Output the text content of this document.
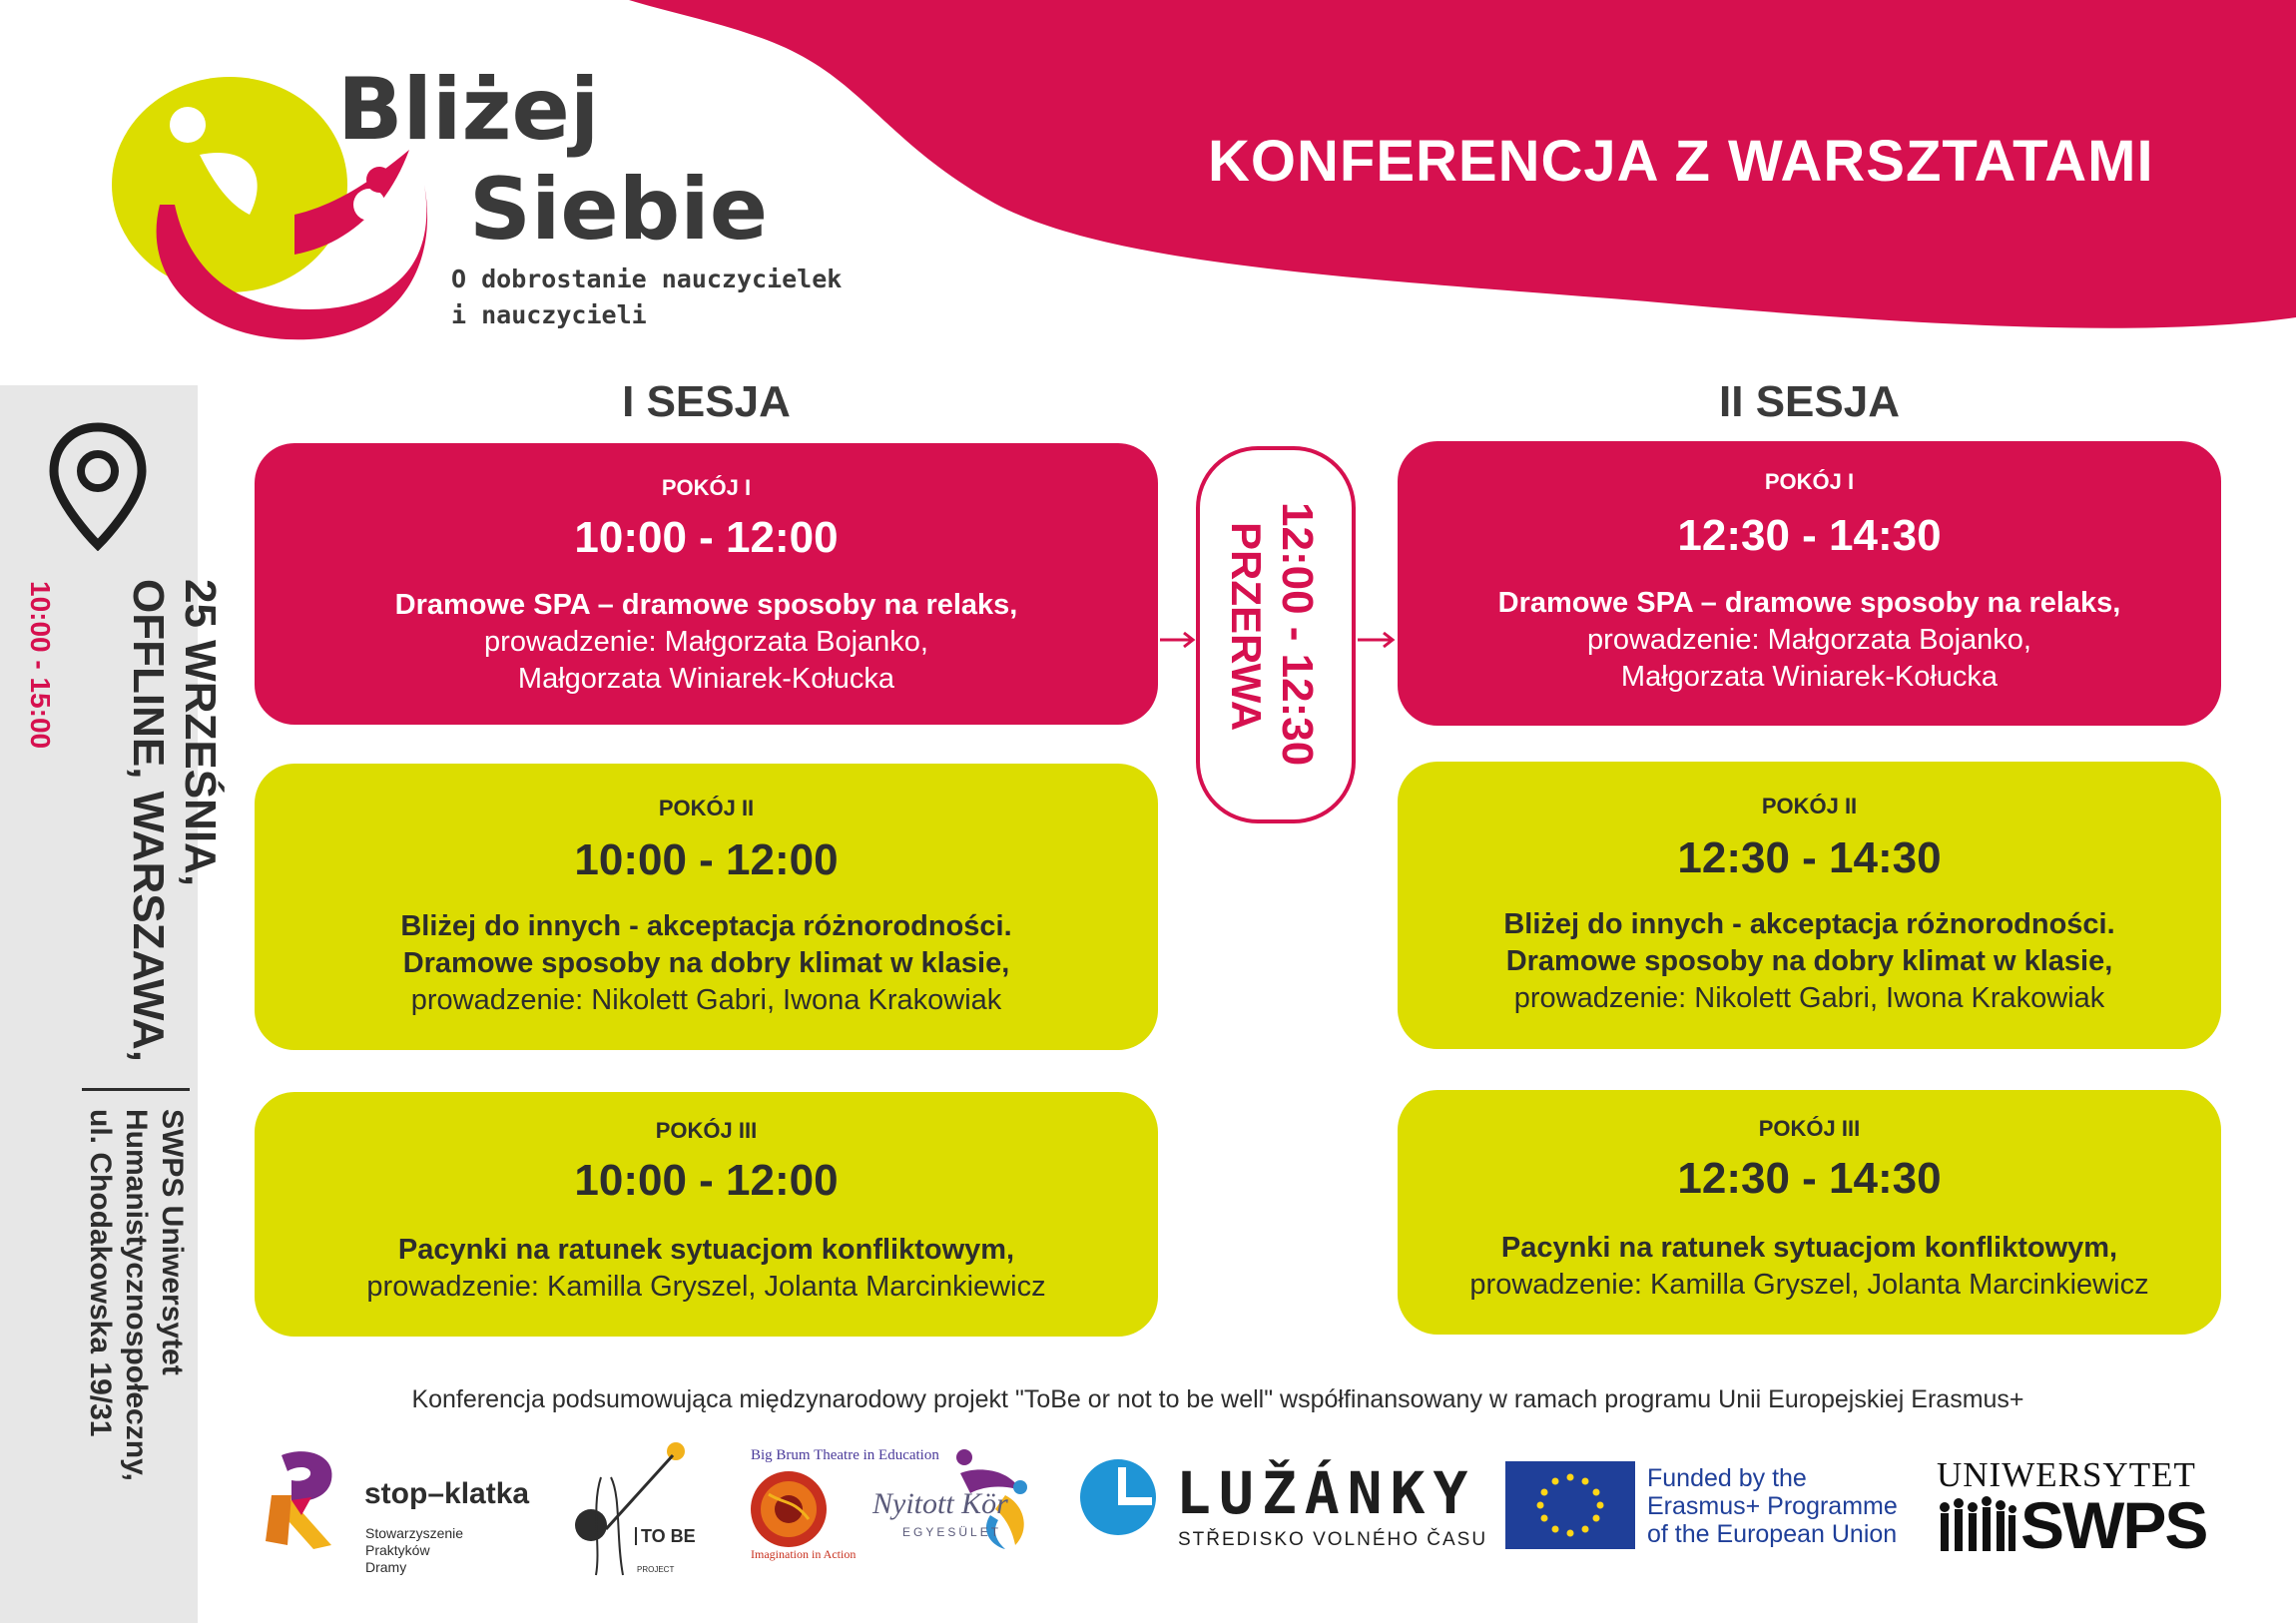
KONFERENCJA Z WARSZTATAMI
Bliżej
Siebie
O dobrostanie nauczycielek
i nauczycieli
25 WRZEŚNIA,
OFFLINE, WARSZAWA,
10:00 - 15:00
SWPS Uniwersytet
Humanistycznospołeczny,
ul. Chodakowska 19/31
I SESJA	II SESJA
POKÓJ I
10:00 - 12:00
Dramowe SPA – dramowe sposoby na relaks,
prowadzenie: Małgorzata Bojanko,
Małgorzata Winiarek-Kołucka
POKÓJ II
10:00 - 12:00
Bliżej do innych - akceptacja różnorodności.
Dramowe sposoby na dobry klimat w klasie,
prowadzenie: Nikolett Gabri, Iwona Krakowiak
POKÓJ III
10:00 - 12:00
Pacynki na ratunek sytuacjom konfliktowym,
prowadzenie: Kamilla Gryszel, Jolanta Marcinkiewicz
12:00 - 12:30
PRZERWA
POKÓJ I
12:30 - 14:30
Dramowe SPA – dramowe sposoby na relaks,
prowadzenie: Małgorzata Bojanko,
Małgorzata Winiarek-Kołucka
POKÓJ II
12:30 - 14:30
Bliżej do innych - akceptacja różnorodności.
Dramowe sposoby na dobry klimat w klasie,
prowadzenie: Nikolett Gabri, Iwona Krakowiak
POKÓJ III
12:30 - 14:30
Pacynki na ratunek sytuacjom konfliktowym,
prowadzenie: Kamilla Gryszel, Jolanta Marcinkiewicz
Konferencja podsumowująca międzynarodowy projekt "ToBe or not to be well" współfinansowany w ramach programu Unii Europejskiej Erasmus+
stop–klatka
Stowarzyszenie
Praktyków
Dramy
TO BE
PROJECT
Big Brum Theatre in Education
Imagination in Action
Nyitott Kör
EGYESÜLET
LUŽÁNKY
STŘEDISKO VOLNÉHO ČASU
Funded by the
Erasmus+ Programme
of the European Union
UNIWERSYTET
SWPS
